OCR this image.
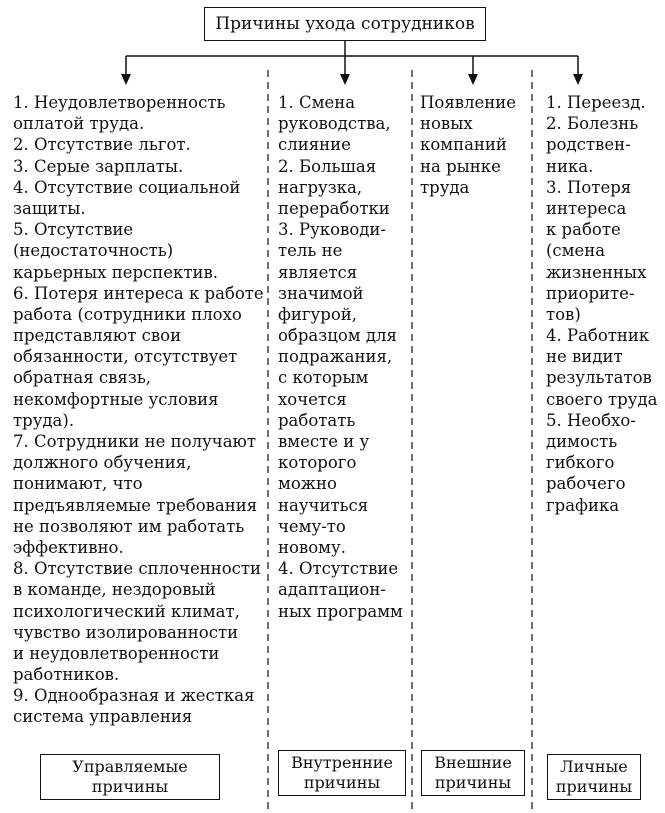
Причины ухода сотрудников
1. Неудовлетворенность
оплатой труда.
2. Отсутствие льгот.
3. Серые зарплаты.
4. Отсутствие социальной
защиты.
5. Отсутствие
(недостаточность)
карьерных перспектив.
6. Потеря интереса к работе
работа (сотрудники плохо
представляют свои
обязанности, отсутствует
обратная связь,
некомфортные условия
труда).
7. Сотрудники не получают
должного обучения,
понимают, что
предъявляемые требования
не позволяют им работать
эффективно.
8. Отсутствие сплоченности
в команде, нездоровый
психологический климат,
чувство изолированности
и неудовлетворенности
работников.
9. Однообразная и жесткая
система управления
1. Смена
руководства,
слияние
2. Большая
нагрузка,
переработки
3. Руководи-
тель не
является
значимой
фигурой,
образцом для
подражания,
с которым
хочется
работать
вместе и у
которого
можно
научиться
чему-то
новому.
4. Отсутствие
адаптацион-
ных программ
Появление
новых
компаний
на рынке
труда
1. Переезд.
2. Болезнь
родствен-
ника.
3. Потеря
интереса
к работе
(смена
жизненных
приорите-
тов)
4. Работник
не видит
результатов
своего труда
5. Необхо-
димость
гибкого
рабочего
графика
Управляемые
причины
Внутренние
причины
Внешние
причины
Личные
причины
